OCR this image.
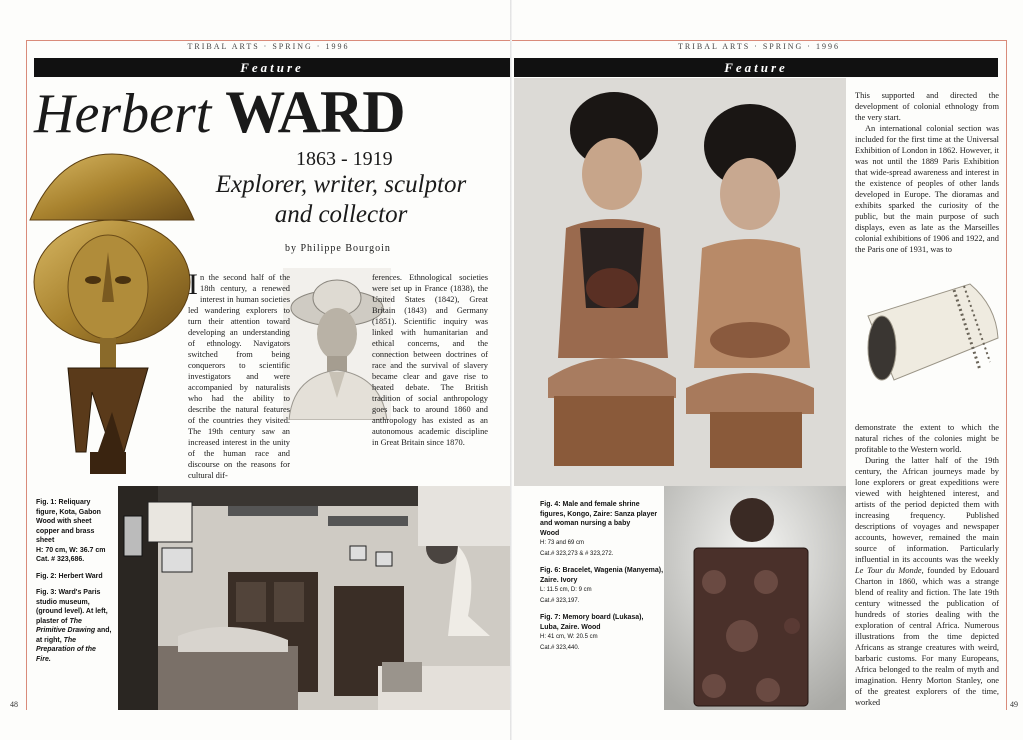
TRIBAL ARTS · SPRING · 1996
Feature
Herbert WARD
1863 - 1919
Explorer, writer, sculptor
and collector
by Philippe Bourgoin
In the second half of the 18th century, a renewed interest in human societies led wandering explorers to turn their attention toward developing an understanding of ethnology. Navigators switched from being conquerors to scientific investigators and were accompanied by naturalists who had the ability to describe the natural features of the countries they visited. The 19th century saw an increased interest in the unity of the human race and discourse on the reasons for cultural dif-
ferences. Ethnological societies were set up in France (1838), the United States (1842), Great Britain (1843) and Germany (1851). Scientific inquiry was linked with humanitarian and ethical concerns, and the connection between doctrines of race and the survival of slavery became clear and gave rise to heated debate. The British tradition of social anthropology goes back to around 1860 and anthropology has existed as an autonomous academic discipline in Great Britain since 1870.

Fig. 1: Reliquary figure, Kota, Gabon
Wood with sheet copper and brass sheet
H: 70 cm, W: 36.7 cm
Cat. # 323,686.

Fig. 2: Herbert Ward

Fig. 3: Ward's Paris studio museum, (ground level). At left, plaster of The Primitive Drawing and, at right, The Preparation of the Fire.

48
TRIBAL ARTS · SPRING · 1996
Feature
This supported and directed the development of colonial ethnology from the very start.
An international colonial section was included for the first time at the Universal Exhibition of London in 1862. However, it was not until the 1889 Paris Exhibition that wide-spread awareness and interest in the existence of peoples of other lands developed in Europe. The dioramas and exhibits sparked the curiosity of the public, but the main purpose of such displays, even as late as the Marseilles colonial exhibitions of 1906 and 1922, and the Paris one of 1931, was to
demonstrate the extent to which the natural riches of the colonies might be profitable to the Western world.
During the latter half of the 19th century, the African journeys made by lone explorers or great expeditions were viewed with heightened interest, and artists of the period depicted them with increasing frequency. Published descriptions of voyages and newspaper accounts, however, remained the main source of information. Particularly influential in its accounts was the weekly Le Tour du Monde, founded by Edouard Charton in 1860, which was a strange blend of reality and fiction. The late 19th century witnessed the publication of hundreds of stories dealing with the exploration of central Africa. Numerous illustrations from the time depicted Africans as strange creatures with weird, barbaric customs. For many Europeans, Africa belonged to the realm of myth and imagination. Henry Morton Stanley, one of the greatest explorers of the time, worked

Fig. 4: Male and female shrine figures, Kongo, Zaire: Sanza player and woman nursing a baby
Wood
H: 73 and 69 cm
Cat.# 323,273 & # 323,272.

Fig. 6: Bracelet, Wagenia (Manyema), Zaire. Ivory
L: 11.5 cm, D: 9 cm
Cat.# 323,197.

Fig. 7: Memory board (Lukasa), Luba, Zaire. Wood
H: 41 cm, W: 20.5 cm
Cat.# 323,440.

49
